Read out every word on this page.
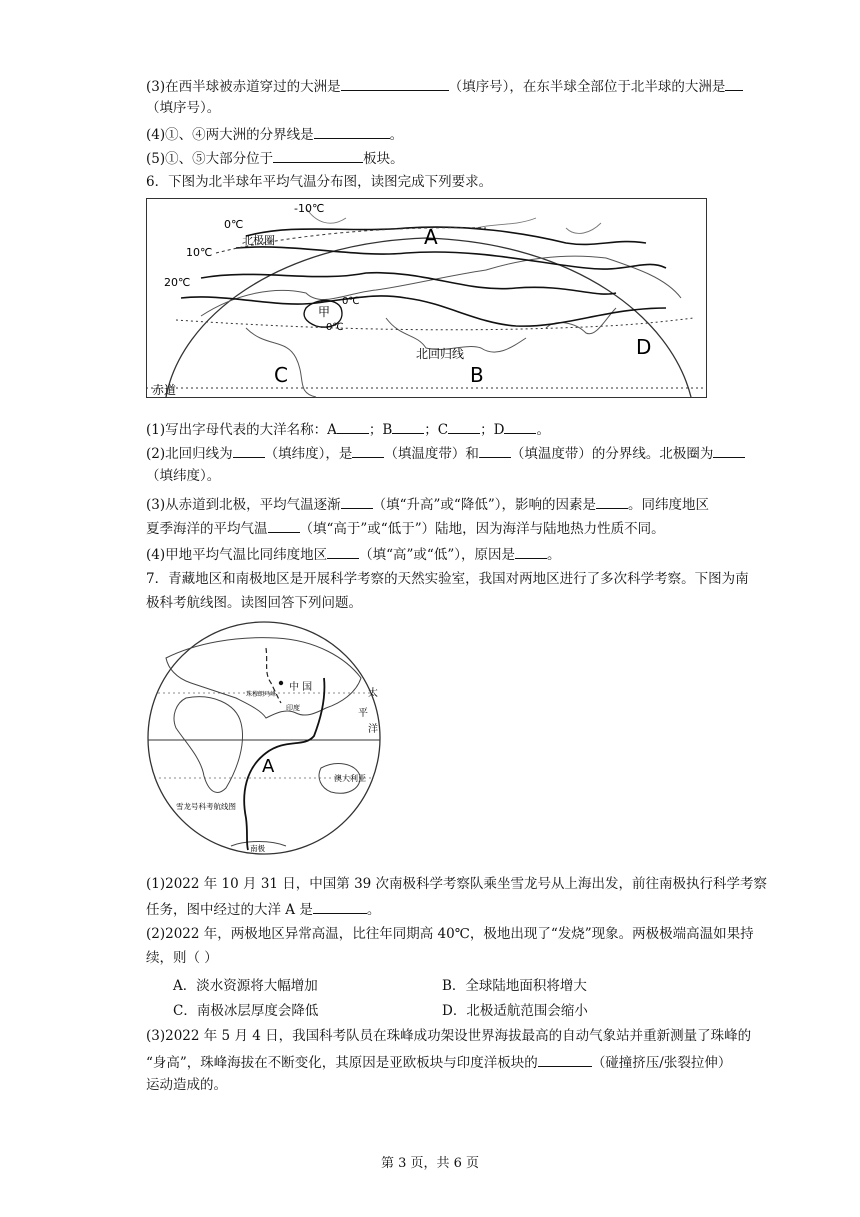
(3)在西半球被赤道穿过的大洲是	（填序号），在东半球全部位于北半球的大洲是
（填序号）。
(4)①、④两大洲的分界线是	。
(5)①、⑤大部分位于	板块。
6．下图为北半球年平均气温分布图，读图完成下列要求。
-10℃
0℃
北极圈
10℃
20℃
A
甲
0℃
0℃
C
北回归线
B
D
赤道
(1)写出字母代表的大洋名称：A ；B ；C ；D 。
(2)北回归线为 （填纬度），是 （填温度带）和 （填温度带）的分界线。北极圈为
（填纬度）。
(3)从赤道到北极，平均气温逐渐 （填“升高”或“降低”），影响的因素是 。同纬度地区
夏季海洋的平均气温 （填“高于”或“低于”）陆地，因为海洋与陆地热力性质不同。
(4)甲地平均气温比同纬度地区 （填“高”或“低”），原因是 。
7．青藏地区和南极地区是开展科学考察的天然实验室，我国对两地区进行了多次科学考察。下图为南
极科考航线图。读图回答下列问题。
中 国
珠穆朗玛峰
印度
太
平
洋
A
澳大利亚
雪龙号科考航线图
南极
(1)2022 年 10 月 31 日，中国第 39 次南极科学考察队乘坐雪龙号从上海出发，前往南极执行科学考察
任务，图中经过的大洋 A 是	。
(2)2022 年，两极地区异常高温，比往年同期高 40℃，极地出现了“发烧”现象。两极极端高温如果持
续，则（ ）
A．淡水资源将大幅增加	B．全球陆地面积将增大
C．南极冰层厚度会降低	D．北极适航范围会缩小
(3)2022 年 5 月 4 日，我国科考队员在珠峰成功架设世界海拔最高的自动气象站并重新测量了珠峰的
“身高”，珠峰海拔在不断变化，其原因是亚欧板块与印度洋板块的	（碰撞挤压/张裂拉伸）
运动造成的。
第 3 页，共 6 页
